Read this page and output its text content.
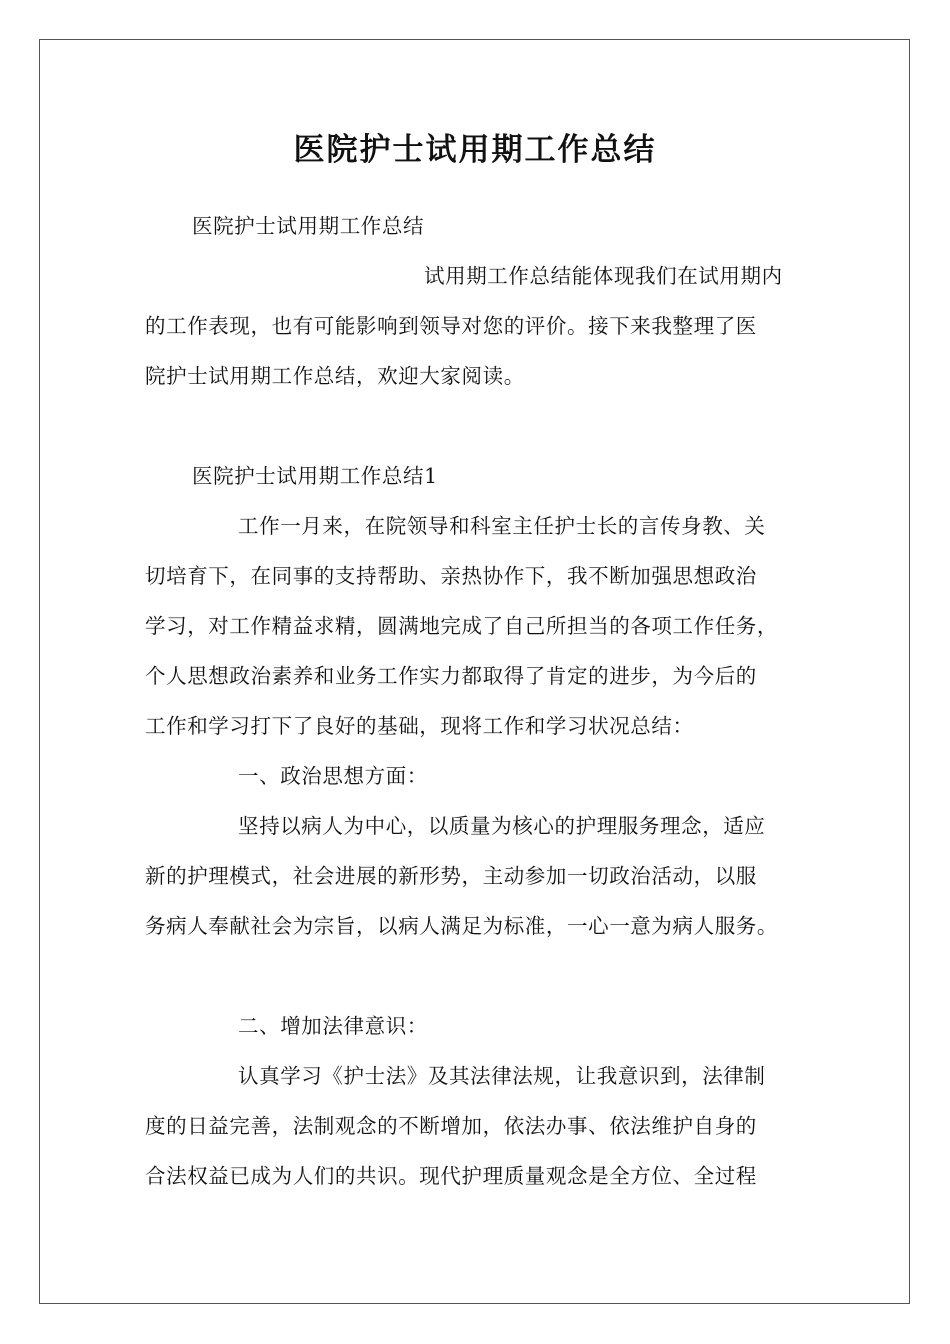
医院护士试用期工作总结
医院护士试用期工作总结
试用期工作总结能体现我们在试用期内
的工作表现，也有可能影响到领导对您的评价。接下来我整理了医
院护士试用期工作总结，欢迎大家阅读。
医院护士试用期工作总结1
工作一月来，在院领导和科室主任护士长的言传身教、关
切培育下，在同事的支持帮助、亲热协作下，我不断加强思想政治
学习，对工作精益求精，圆满地完成了自己所担当的各项工作任务，
个人思想政治素养和业务工作实力都取得了肯定的进步，为今后的
工作和学习打下了良好的基础，现将工作和学习状况总结：
一、政治思想方面：
坚持以病人为中心，以质量为核心的护理服务理念，适应
新的护理模式，社会进展的新形势，主动参加一切政治活动，以服
务病人奉献社会为宗旨，以病人满足为标准，一心一意为病人服务。
二、增加法律意识：
认真学习《护士法》及其法律法规，让我意识到，法律制
度的日益完善，法制观念的不断增加，依法办事、依法维护自身的
合法权益已成为人们的共识。现代护理质量观念是全方位、全过程
